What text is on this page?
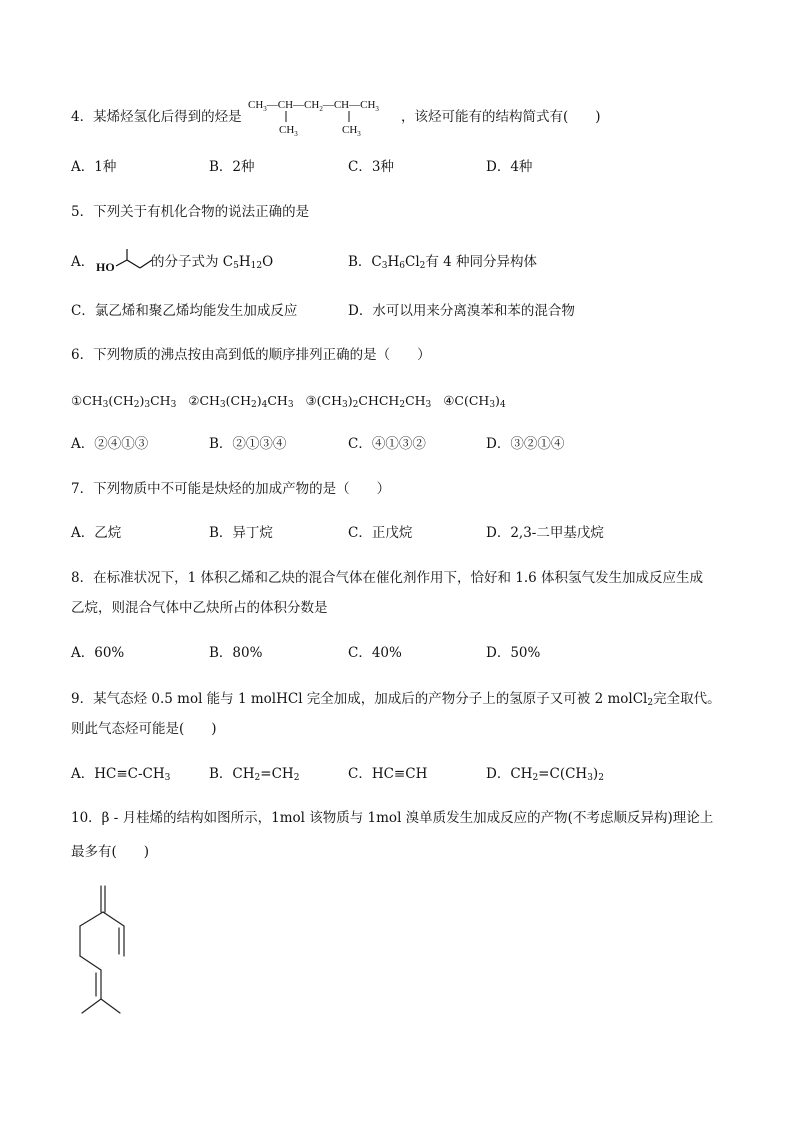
4．某烯烃氢化后得到的烃是
$CH_3—CH—CH_2—CH—CH_3$
$CH_3$	$CH_3$
，该烃可能有的结构简式有(　　)
A．1种	B．2种	C．3种	D．4种
5．下列关于有机化合物的说法正确的是
A． HO	的分子式为 $C_5H_{12}O$	B．$C_3H_6Cl_2$有 4 种同分异构体
C．氯乙烯和聚乙烯均能发生加成反应	D．水可以用来分离溴苯和苯的混合物
6．下列物质的沸点按由高到低的顺序排列正确的是（　　）
$①CH_3(CH_2)_3CH_3$ $②CH_3(CH_2)_4CH_3$ $③(CH_3)_2CHCH_2CH_3$ $④C(CH_3)_4$
A．②④①③	B．②①③④	C．④①③②	D．③②①④
7．下列物质中不可能是炔烃的加成产物的是（　　）
A．乙烷	B．异丁烷	C．正戊烷	D．2,3-二甲基戊烷
8．在标准状况下，1 体积乙烯和乙炔的混合气体在催化剂作用下，恰好和 1.6 体积氢气发生加成反应生成
乙烷，则混合气体中乙炔所占的体积分数是
A．60%	B．80%	C．40%	D．50%
9．某气态烃 0.5 mol 能与 1 molHCl 完全加成，加成后的产物分子上的氢原子又可被 2 molCl$_2$完全取代。
则此气态烃可能是(　　)
A．$HC\equiv C-CH_3$	B．$CH_2=CH_2$	C．HC≡CH	D．$CH_2=C(CH_3)_2$
10．β - 月桂烯的结构如图所示，1mol 该物质与 1mol 溴单质发生加成反应的产物(不考虑顺反异构)理论上
最多有(　　)
